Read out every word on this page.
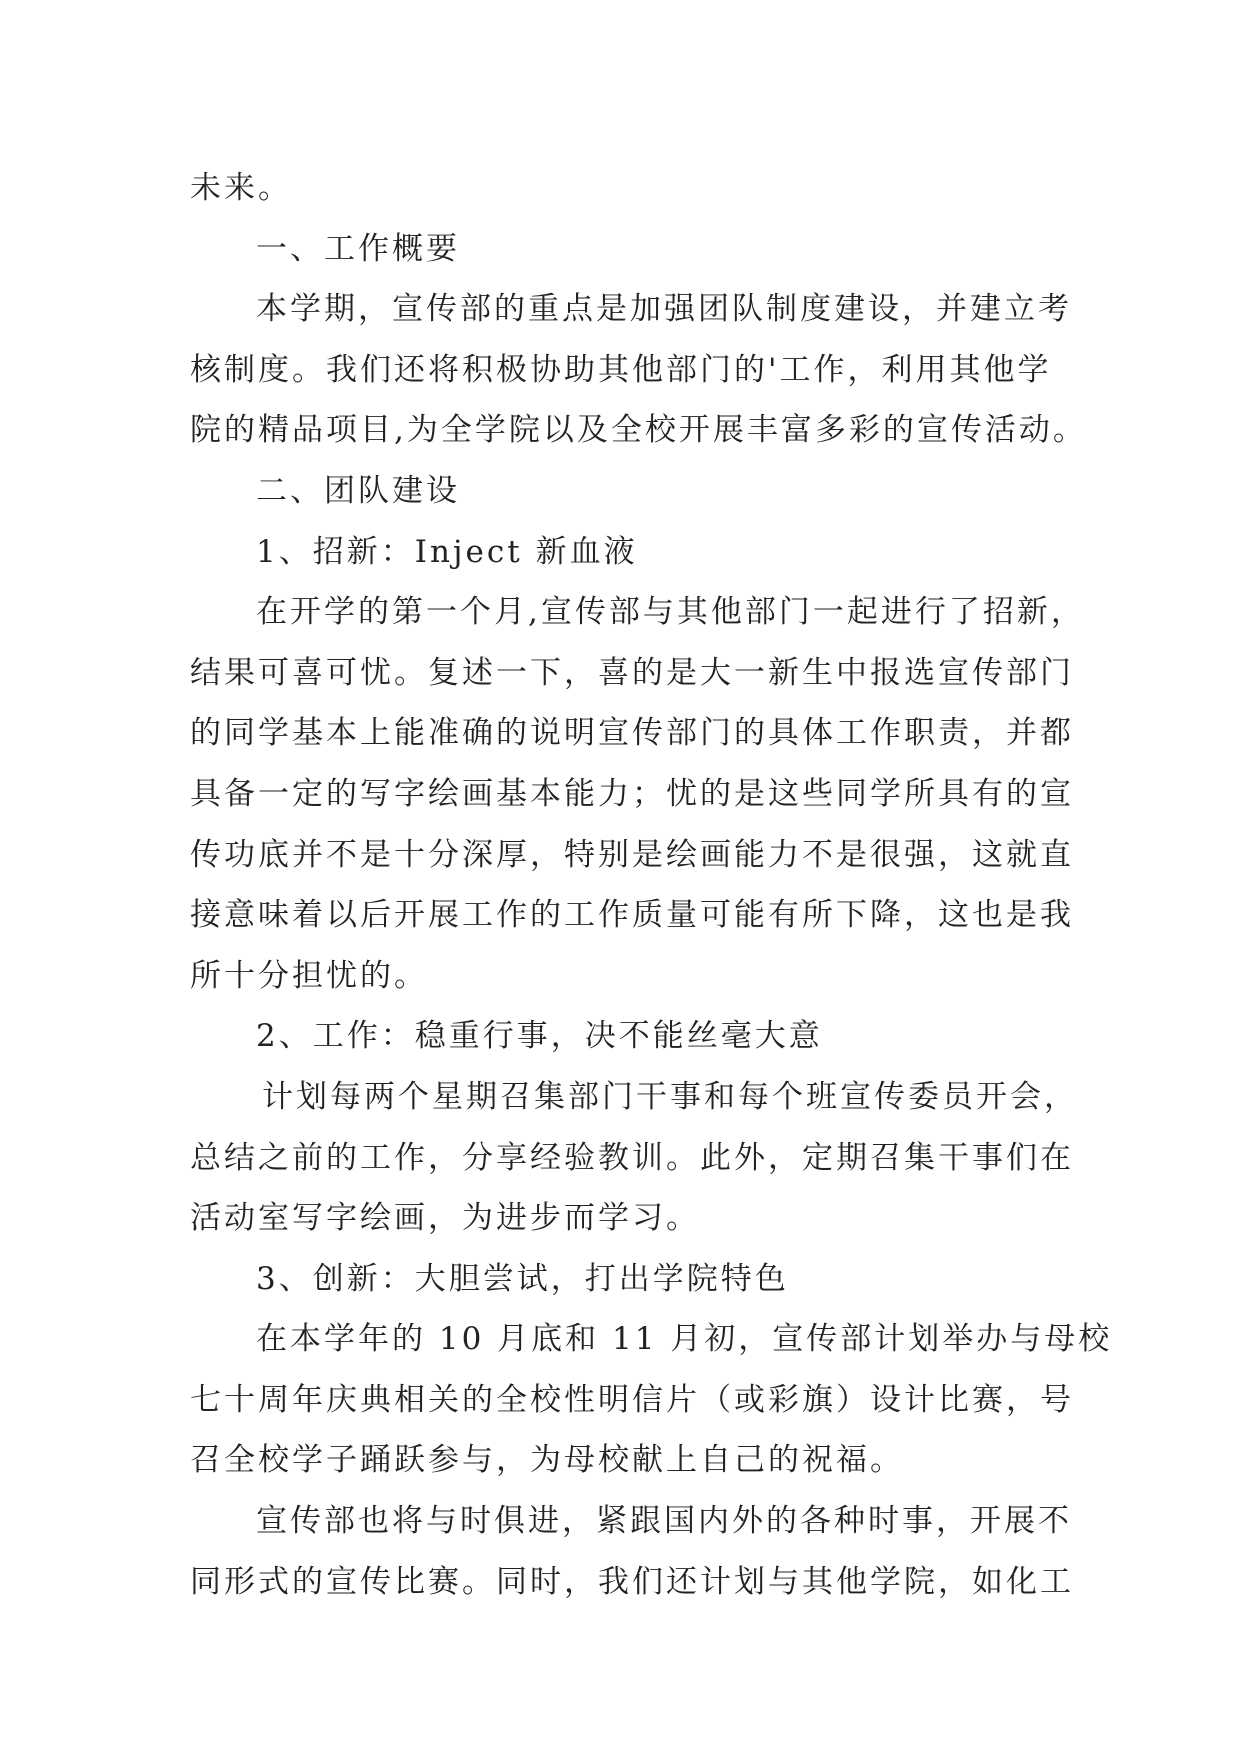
未来。
一、工作概要
本学期，宣传部的重点是加强团队制度建设，并建立考
核制度。我们还将积极协助其他部门的'工作，利用其他学
院的精品项目,为全学院以及全校开展丰富多彩的宣传活动。
二、团队建设
1、招新：Inject 新血液
在开学的第一个月,宣传部与其他部门一起进行了招新，
结果可喜可忧。复述一下，喜的是大一新生中报选宣传部门
的同学基本上能准确的说明宣传部门的具体工作职责，并都
具备一定的写字绘画基本能力；忧的是这些同学所具有的宣
传功底并不是十分深厚，特别是绘画能力不是很强，这就直
接意味着以后开展工作的工作质量可能有所下降，这也是我
所十分担忧的。
2、工作：稳重行事，决不能丝毫大意
计划每两个星期召集部门干事和每个班宣传委员开会，
总结之前的工作，分享经验教训。此外，定期召集干事们在
活动室写字绘画，为进步而学习。
3、创新：大胆尝试，打出学院特色
在本学年的 10 月底和 11 月初，宣传部计划举办与母校
七十周年庆典相关的全校性明信片（或彩旗）设计比赛，号
召全校学子踊跃参与，为母校献上自己的祝福。
宣传部也将与时俱进，紧跟国内外的各种时事，开展不
同形式的宣传比赛。同时，我们还计划与其他学院，如化工
